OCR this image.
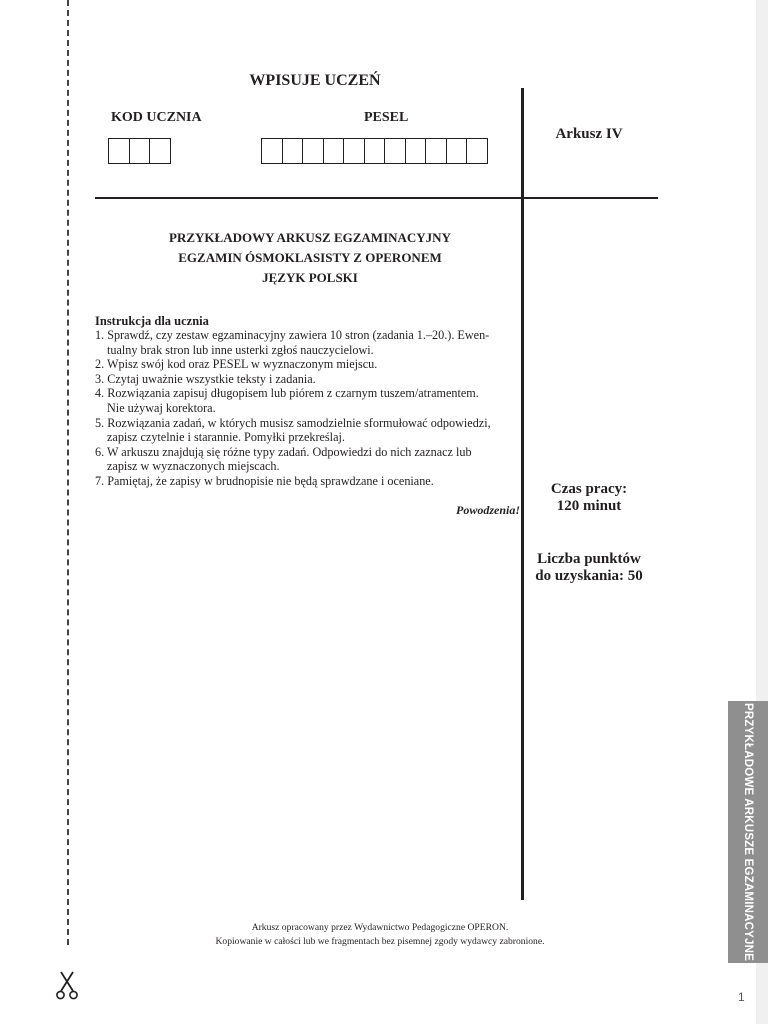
WPISUJE UCZEŃ
KOD UCZNIA	PESEL
Arkusz IV
PRZYKŁADOWY ARKUSZ EGZAMINACYJNY
EGZAMIN ÓSMOKLASISTY Z OPERONEM
JĘZYK POLSKI
Instrukcja dla ucznia
1. Sprawdź, czy zestaw egzaminacyjny zawiera 10 stron (zadania 1.–20.). Ewen-
tualny brak stron lub inne usterki zgłoś nauczycielowi.
2. Wpisz swój kod oraz PESEL w wyznaczonym miejscu.
3. Czytaj uważnie wszystkie teksty i zadania.
4. Rozwiązania zapisuj długopisem lub piórem z czarnym tuszem/atramentem.
Nie używaj korektora.
5. Rozwiązania zadań, w których musisz samodzielnie sformułować odpowiedzi,
zapisz czytelnie i starannie. Pomyłki przekreślaj.
6. W arkuszu znajdują się różne typy zadań. Odpowiedzi do nich zaznacz lub
zapisz w wyznaczonych miejscach.
7. Pamiętaj, że zapisy w brudnopisie nie będą sprawdzane i oceniane.
Powodzenia!
Czas pracy:
120 minut
Liczba punktów
do uzyskania: 50
Arkusz opracowany przez Wydawnictwo Pedagogiczne OPERON.
Kopiowanie w całości lub we fragmentach bez pisemnej zgody wydawcy zabronione.	PRZYKŁADOWE ARKUSZE EGZAMINACYJNE
1
